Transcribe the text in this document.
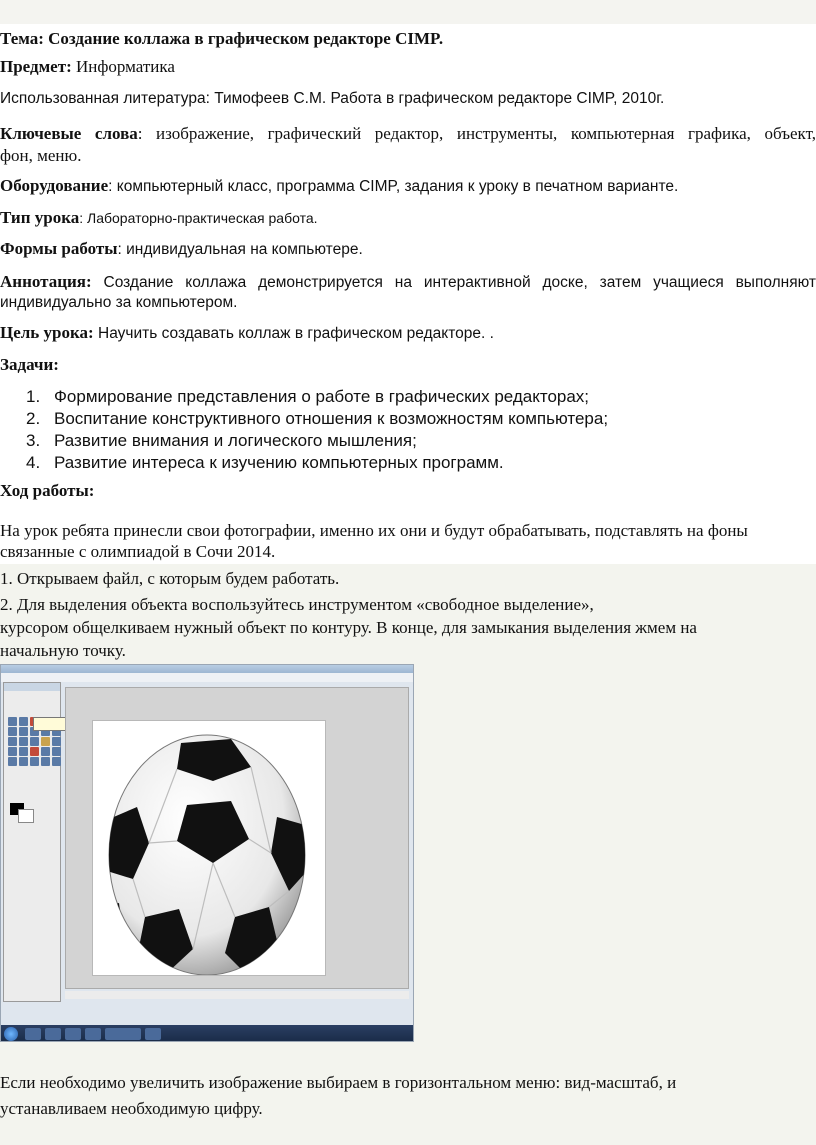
Тема: Создание коллажа в графическом редакторе CIMP.
Предмет: Информатика
Использованная литература: Тимофеев С.М. Работа в графическом редакторе CIMP, 2010г.
Ключевые слова: изображение, графический редактор, инструменты, компьютерная графика, объект,
фон, меню.
Оборудование: компьютерный класс, программа CIMP, задания к уроку в печатном варианте.
Тип урока: Лабораторно-практическая работа.
Формы работы: индивидуальная на компьютере.
Аннотация: Создание коллажа демонстрируется на интерактивной доске, затем учащиеся выполняют
индивидуально за компьютером.
Цель урока: Научить создавать коллаж в графическом редакторе. .
Задачи:
1. Формирование представления о работе в графических редакторах;
2. Воспитание конструктивного отношения к возможностям компьютера;
3. Развитие внимания и логического мышления;
4. Развитие интереса к изучению компьютерных программ.
Ход работы:
На урок ребята принесли свои фотографии, именно их они и будут обрабатывать, подставлять на фоны
связанные с олимпиадой в Сочи 2014.
1. Открываем файл, с которым будем работать.
2. Для выделения объекта воспользуйтесь инструментом «свободное выделение»,
курсором общелкиваем нужный объект по контуру. В конце, для замыкания выделения жмем на
начальную точку.
Если необходимо увеличить изображение выбираем в горизонтальном меню: вид-масштаб, и
устанавливаем необходимую цифру.
